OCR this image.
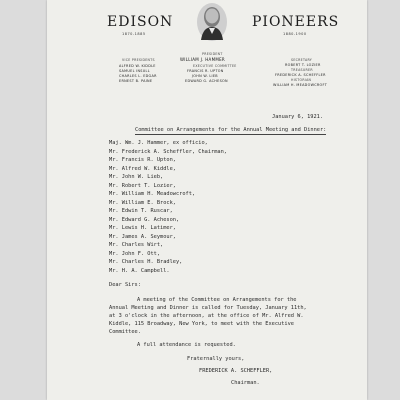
EDISON
1870-1885
PIONEERS
1880-1900
VICE PRESIDENTS
ALFRED W. KIDDLE
SAMUEL INSULL
CHARLES L. EDGAR
ERNEST B. PAINE
PRESIDENT
WILLIAM J. HAMMER
EXECUTIVE COMMITTEE
FRANCIS R. UPTON
JOHN W. LIEB
EDWARD G. ACHESON
SECRETARY
ROBERT T. LOZIER
TREASURER
FREDERICK A. SCHEFFLER
HISTORIAN
WILLIAM H. MEADOWCROFT
January 6, 1921.
Committee on Arrangements for the Annual Meeting and Dinner:
Maj. Wm. J. Hammer, ex officio,
Mr. Frederick A. Scheffler, Chairman,
Mr. Francis R. Upton,
Mr. Alfred W. Kiddle,
Mr. John W. Lieb,
Mr. Robert T. Lozier,
Mr. William H. Meadowcroft,
Mr. William E. Brock,
Mr. Edwin T. Ruscar,
Mr. Edward G. Acheson,
Mr. Lewis H. Latimer,
Mr. James A. Seymour,
Mr. Charles Wirt,
Mr. John F. Ott,
Mr. Charles H. Bradley,
Mr. H. A. Campbell.
Dear Sirs:
A meeting of the Committee on Arrangements for the
Annual Meeting and Dinner is called for Tuesday, January 11th,
at 3 o'clock in the afternoon, at the office of Mr. Alfred W.
Kiddle, 115 Broadway, New York, to meet with the Executive
Committee.
A full attendance is requested.
Fraternally yours,
FREDERICK A. SCHEFFLER,
Chairman.
